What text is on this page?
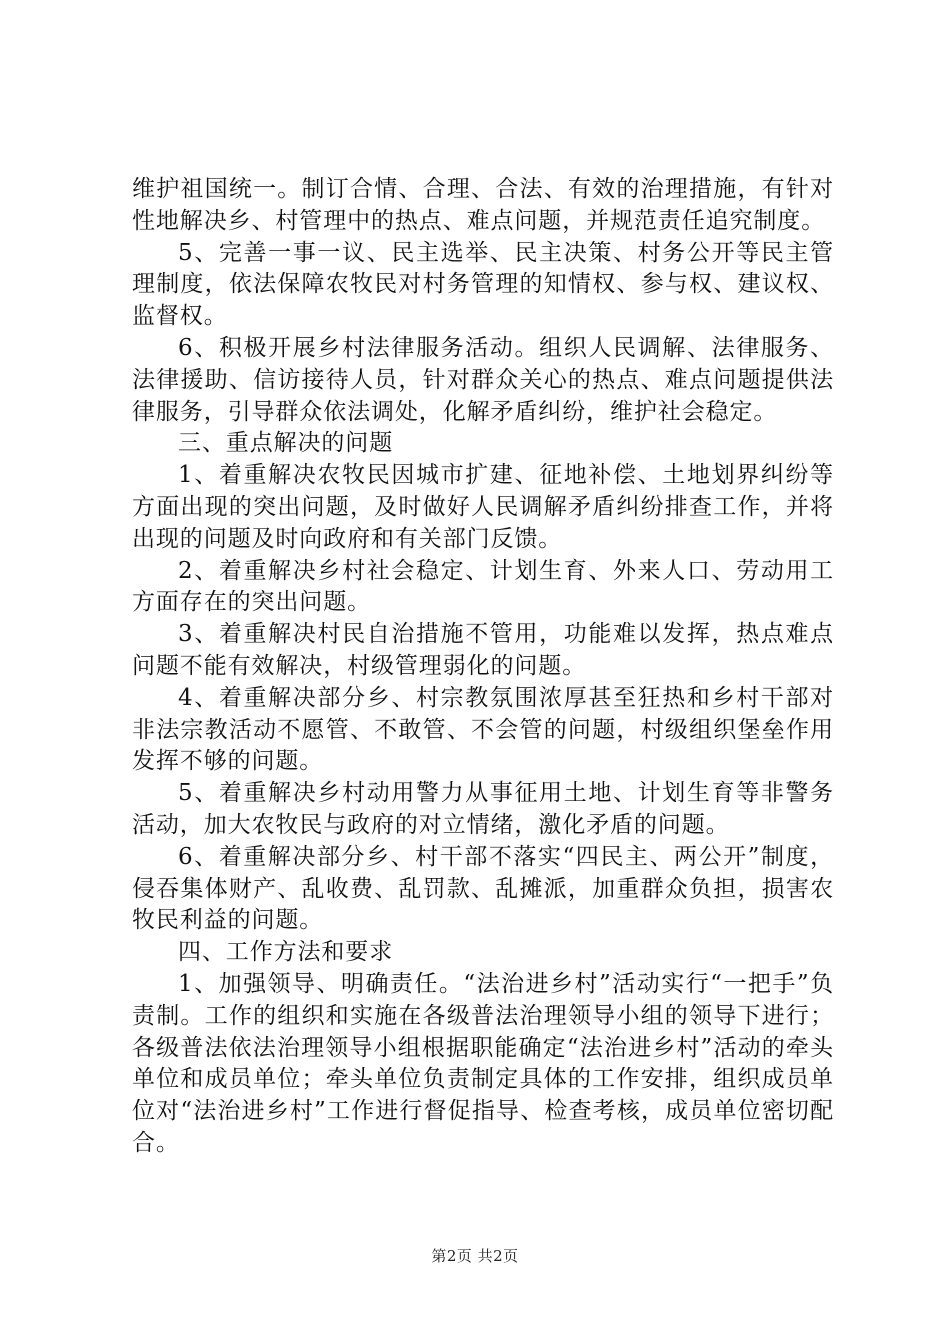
维护祖国统一。制订合情、合理、合法、有效的治理措施，有针对性地解决乡、村管理中的热点、难点问题，并规范责任追究制度。

5、完善一事一议、民主选举、民主决策、村务公开等民主管理制度，依法保障农牧民对村务管理的知情权、参与权、建议权、监督权。

6、积极开展乡村法律服务活动。组织人民调解、法律服务、法律援助、信访接待人员，针对群众关心的热点、难点问题提供法律服务，引导群众依法调处，化解矛盾纠纷，维护社会稳定。

三、重点解决的问题

1、着重解决农牧民因城市扩建、征地补偿、土地划界纠纷等方面出现的突出问题，及时做好人民调解矛盾纠纷排查工作，并将出现的问题及时向政府和有关部门反馈。

2、着重解决乡村社会稳定、计划生育、外来人口、劳动用工方面存在的突出问题。

3、着重解决村民自治措施不管用，功能难以发挥，热点难点问题不能有效解决，村级管理弱化的问题。

4、着重解决部分乡、村宗教氛围浓厚甚至狂热和乡村干部对非法宗教活动不愿管、不敢管、不会管的问题，村级组织堡垒作用发挥不够的问题。

5、着重解决乡村动用警力从事征用土地、计划生育等非警务活动，加大农牧民与政府的对立情绪，激化矛盾的问题。

6、着重解决部分乡、村干部不落实“四民主、两公开”制度，侵吞集体财产、乱收费、乱罚款、乱摊派，加重群众负担，损害农牧民利益的问题。

四、工作方法和要求

1、加强领导、明确责任。“法治进乡村”活动实行“一把手”负责制。工作的组织和实施在各级普法治理领导小组的领导下进行；各级普法依法治理领导小组根据职能确定“法治进乡村”活动的牵头单位和成员单位；牵头单位负责制定具体的工作安排，组织成员单位对“法治进乡村”工作进行督促指导、检查考核，成员单位密切配合。

第2页 共2页
